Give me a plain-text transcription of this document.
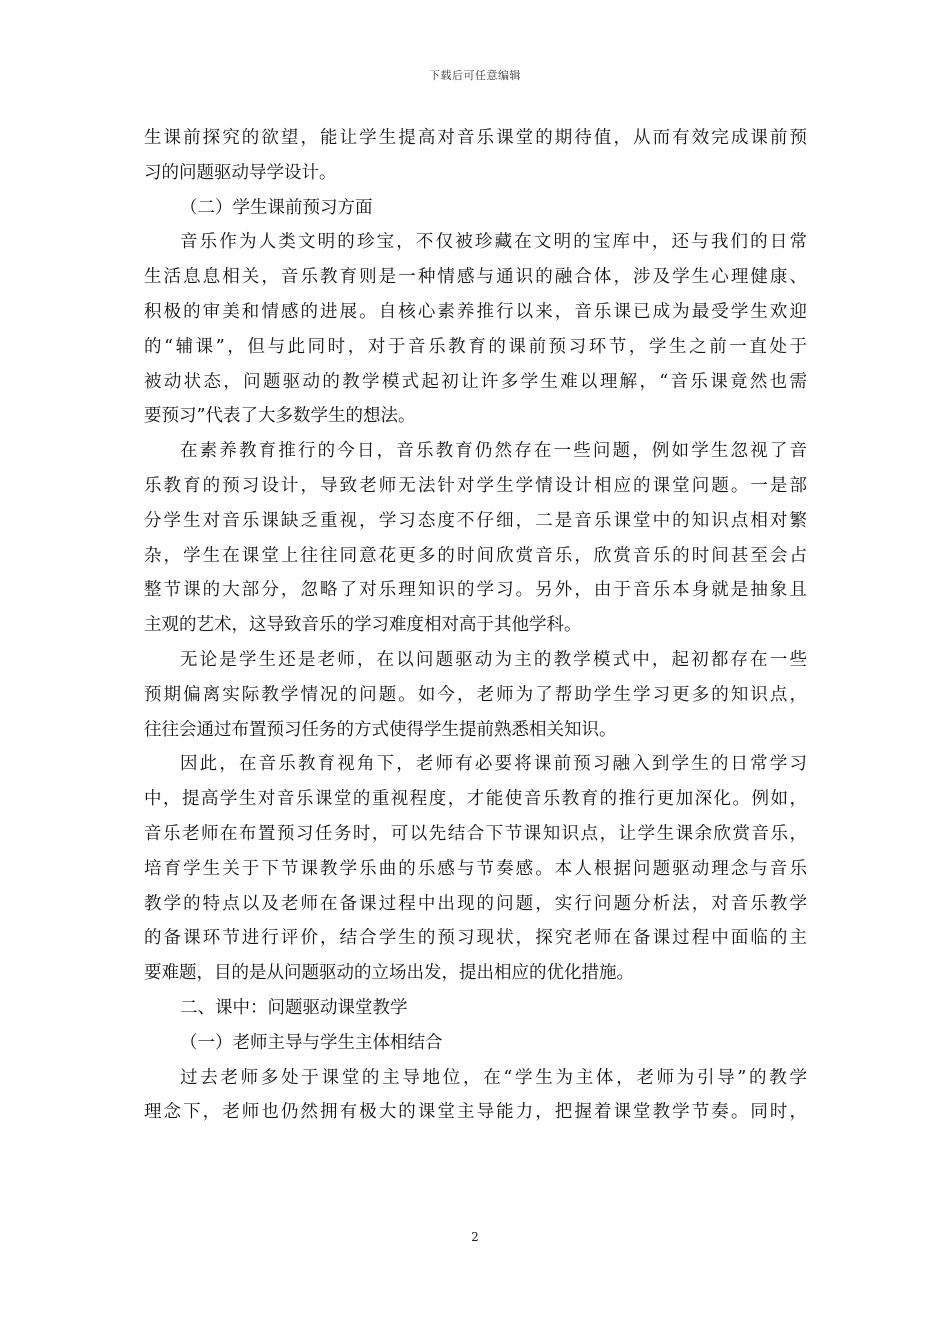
下载后可任意编辑
生课前探究的欲望，能让学生提高对音乐课堂的期待值，从而有效完成课前预
习的问题驱动导学设计。
（二）学生课前预习方面
音乐作为人类文明的珍宝，不仅被珍藏在文明的宝库中，还与我们的日常
生活息息相关，音乐教育则是一种情感与通识的融合体，涉及学生心理健康、
积极的审美和情感的进展。自核心素养推行以来，音乐课已成为最受学生欢迎
的“辅课”，但与此同时，对于音乐教育的课前预习环节，学生之前一直处于
被动状态，问题驱动的教学模式起初让许多学生难以理解，“音乐课竟然也需
要预习”代表了大多数学生的想法。
在素养教育推行的今日，音乐教育仍然存在一些问题，例如学生忽视了音
乐教育的预习设计，导致老师无法针对学生学情设计相应的课堂问题。一是部
分学生对音乐课缺乏重视，学习态度不仔细，二是音乐课堂中的知识点相对繁
杂，学生在课堂上往往同意花更多的时间欣赏音乐，欣赏音乐的时间甚至会占
整节课的大部分，忽略了对乐理知识的学习。另外，由于音乐本身就是抽象且
主观的艺术，这导致音乐的学习难度相对高于其他学科。
无论是学生还是老师，在以问题驱动为主的教学模式中，起初都存在一些
预期偏离实际教学情况的问题。如今，老师为了帮助学生学习更多的知识点，
往往会通过布置预习任务的方式使得学生提前熟悉相关知识。
因此，在音乐教育视角下，老师有必要将课前预习融入到学生的日常学习
中，提高学生对音乐课堂的重视程度，才能使音乐教育的推行更加深化。例如，
音乐老师在布置预习任务时，可以先结合下节课知识点，让学生课余欣赏音乐，
培育学生关于下节课教学乐曲的乐感与节奏感。本人根据问题驱动理念与音乐
教学的特点以及老师在备课过程中出现的问题，实行问题分析法，对音乐教学
的备课环节进行评价，结合学生的预习现状，探究老师在备课过程中面临的主
要难题，目的是从问题驱动的立场出发，提出相应的优化措施。
二、课中：问题驱动课堂教学
（一）老师主导与学生主体相结合
过去老师多处于课堂的主导地位，在“学生为主体，老师为引导”的教学
理念下，老师也仍然拥有极大的课堂主导能力，把握着课堂教学节奏。同时，
2
